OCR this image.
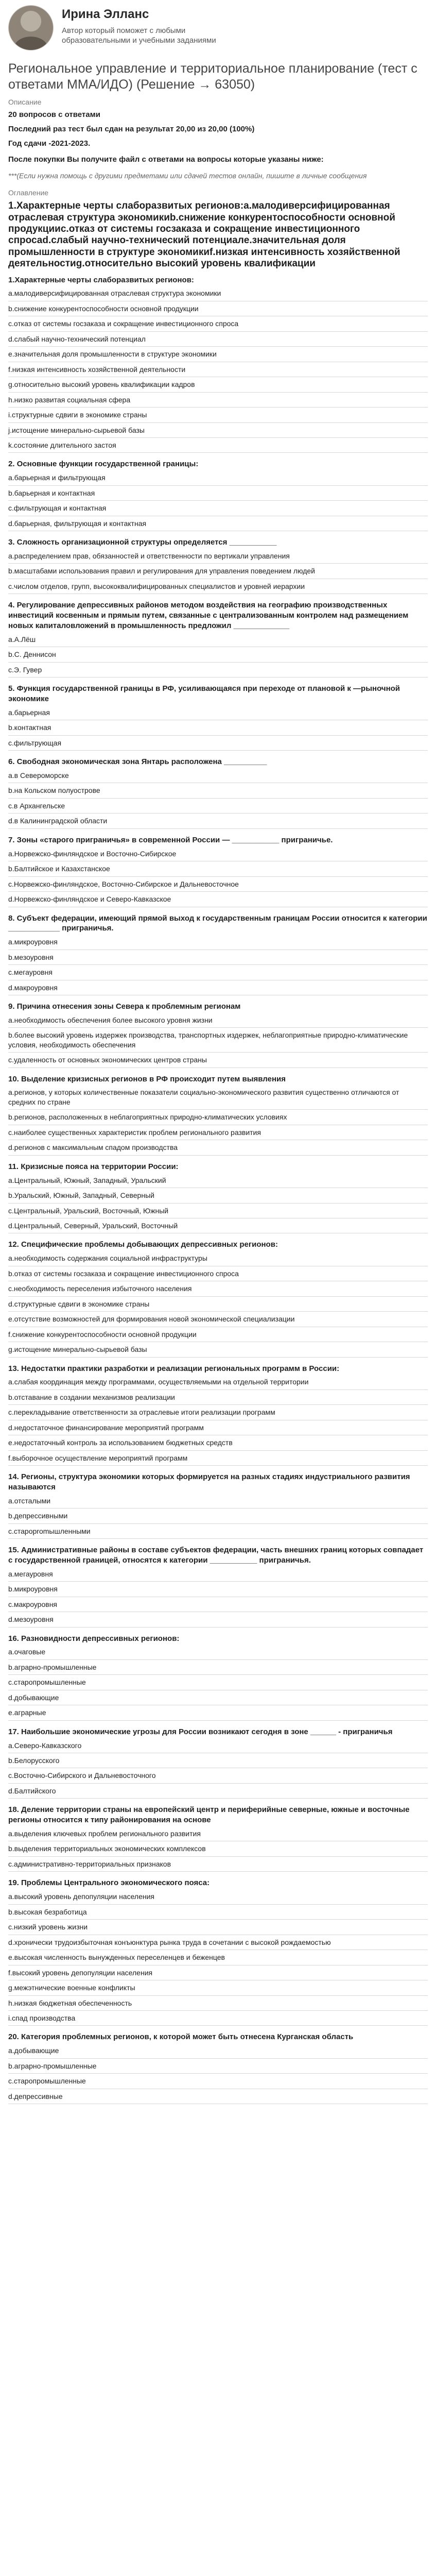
Ирина Элланс
Автор который поможет с любыми образовательными и учебными заданиями
Региональное управление и территориальное планирование (тест с ответами ММА/ИДО) (Решение → 63050)
Описание
20 вопросов с ответами
Последний раз тест был сдан на результат 20,00 из 20,00 (100%)
Год сдачи -2021-2023.
После покупки Вы получите файл с ответами на вопросы которые указаны ниже:
***(Если нужна помощь с другими предметами или сдачей тестов онлайн, пишите в личные сообщения
Оглавление
1.Характерные черты слаборазвитых регионов:a.малодиверсифицированная отраслевая структура экономикиb.снижение конкурентоспособности основной продукцииc.отказ от системы госзаказа и сокращение инвестиционного спросаd.слабый научно-технический потенциалe.значительная доля промышленности в структуре экономикиf.низкая интенсивность хозяйственной деятельностиg.относительно высокий уровень квалификации
1.Характерные черты слаборазвитых регионов:
a.малодиверсифицированная отраслевая структура экономики
b.снижение конкурентоспособности основной продукции
c.отказ от системы госзаказа и сокращение инвестиционного спроса
d.слабый научно-технический потенциал
e.значительная доля промышленности в структуре экономики
f.низкая интенсивность хозяйственной деятельности
g.относительно высокий уровень квалификации кадров
h.низко развитая социальная сфера
i.структурные сдвиги в экономике страны
j.истощение минерально-сырьевой базы
k.состояние длительного застоя
2. Основные функции государственной границы:
a.барьерная и фильтрующая
b.барьерная и контактная
c.фильтрующая и контактная
d.барьерная, фильтрующая и контактная
3. Сложность организационной структуры определяется ___________
a.распределением прав, обязанностей и ответственности по вертикали управления
b.масштабами использования правил и регулирования для управления поведением людей
c.числом отделов, групп, высококвалифицированных специалистов и уровней иерархии
4. Регулирование депрессивных районов методом воздействия на географию производственных инвестиций косвенным и прямым путем, связанные с централизованным контролем над размещением новых капиталовложений в промышленность предложил _____________
a.А.Лёш
b.С. Деннисон
c.Э. Гувер
5. Функция государственной границы в РФ, усиливающаяся при переходе от плановой к —рыночной экономике
a.барьерная
b.контактная
c.фильтрующая
6. Свободная экономическая зона Янтарь расположена __________
a.в Североморске
b.на Кольском полуострове
c.в Архангельске
d.в Калининградской области
7. Зоны «старого приграничья» в современной России — ___________ приграничье.
a.Норвежско-финляндское и Восточно-Сибирское
b.Балтийское и Казахстанское
c.Норвежско-финляндское, Восточно-Сибирское и Дальневосточное
d.Норвежско-финляндское и Северо-Кавказское
8. Субъект федерации, имеющий прямой выход к государственным границам России относится к категории ____________ приграничья.
a.микроуровня
b.мезоуровня
c.мегауровня
d.макроуровня
9. Причина отнесения зоны Севера к проблемным регионам
a.необходимость обеспечения более высокого уровня жизни
b.более высокий уровень издержек производства, транспортных издержек, неблагоприятные природно-климатические условия, необходимость обеспечения
c.удаленность от основных экономических центров страны
10. Выделение кризисных регионов в РФ происходит путем выявления
a.регионов, у которых количественные показатели социально-экономического развития существенно отличаются от средних по стране
b.регионов, расположенных в неблагоприятных природно-климатических условиях
c.наиболее существенных характеристик проблем регионального развития
d.регионов с максимальным спадом производства
11. Кризисные пояса на территории России:
a.Центральный, Южный, Западный, Уральский
b.Уральский, Южный, Западный, Северный
c.Центральный, Уральский, Восточный, Южный
d.Центральный, Северный, Уральский, Восточный
12. Специфические проблемы добывающих депрессивных регионов:
a.необходимость содержания социальной инфраструктуры
b.отказ от системы госзаказа и сокращение инвестиционного спроса
c.необходимость переселения избыточного населения
d.структурные сдвиги в экономике страны
e.отсутствие возможностей для формирования новой экономической специализации
f.снижение конкурентоспособности основной продукции
g.истощение минерально-сырьевой базы
13. Недостатки практики разработки и реализации региональных программ в России:
a.слабая координация между программами, осуществляемыми на отдельной территории
b.отставание в создании механизмов реализации
c.перекладывание ответственности за отраслевые итоги реализации программ
d.недостаточное финансирование мероприятий программ
e.недостаточный контроль за использованием бюджетных средств
f.выборочное осуществление мероприятий программ
14. Регионы, структура экономики которых формируется на разных стадиях индустриального развития называются
a.отсталыми
b.депрессивными
c.староpromышленными
15. Административные районы в составе субъектов федерации, часть внешних границ которых совпадает с государственной границей, относятся к категории ___________ приграничья.
a.мегауровня
b.микроуровня
c.макроуровня
d.мезоуровня
16. Разновидности депрессивных регионов:
a.очаговые
b.аграрно-промышленные
c.старопромышленные
d.добывающие
e.аграрные
17. Наибольшие экономические угрозы для России возникают сегодня в зоне ______ - приграничья
a.Северо-Кавказского
b.Белорусского
c.Восточно-Сибирского и Дальневосточного
d.Балтийского
18. Деление территории страны на европейский центр и периферийные северные, южные и восточные регионы относится к типу районирования на основе
a.выделения ключевых проблем регионального развития
b.выделения территориальных экономических комплексов
c.административно-территориальных признаков
19. Проблемы Центрального экономического пояса:
a.высокий уровень депопуляции населения
b.высокая безработица
c.низкий уровень жизни
d.хронически трудоизбыточная конъюнктура рынка труда в сочетании с высокой рождаемостью
e.высокая численность вынужденных переселенцев и беженцев
f.высокий уровень депопуляции населения
g.межэтнические военные конфликты
h.низкая бюджетная обеспеченность
i.спад производства
20. Категория проблемных регионов, к которой может быть отнесена Курганская область
a.добывающие
b.аграрно-промышленные
c.старопромышленные
d.депрессивные
